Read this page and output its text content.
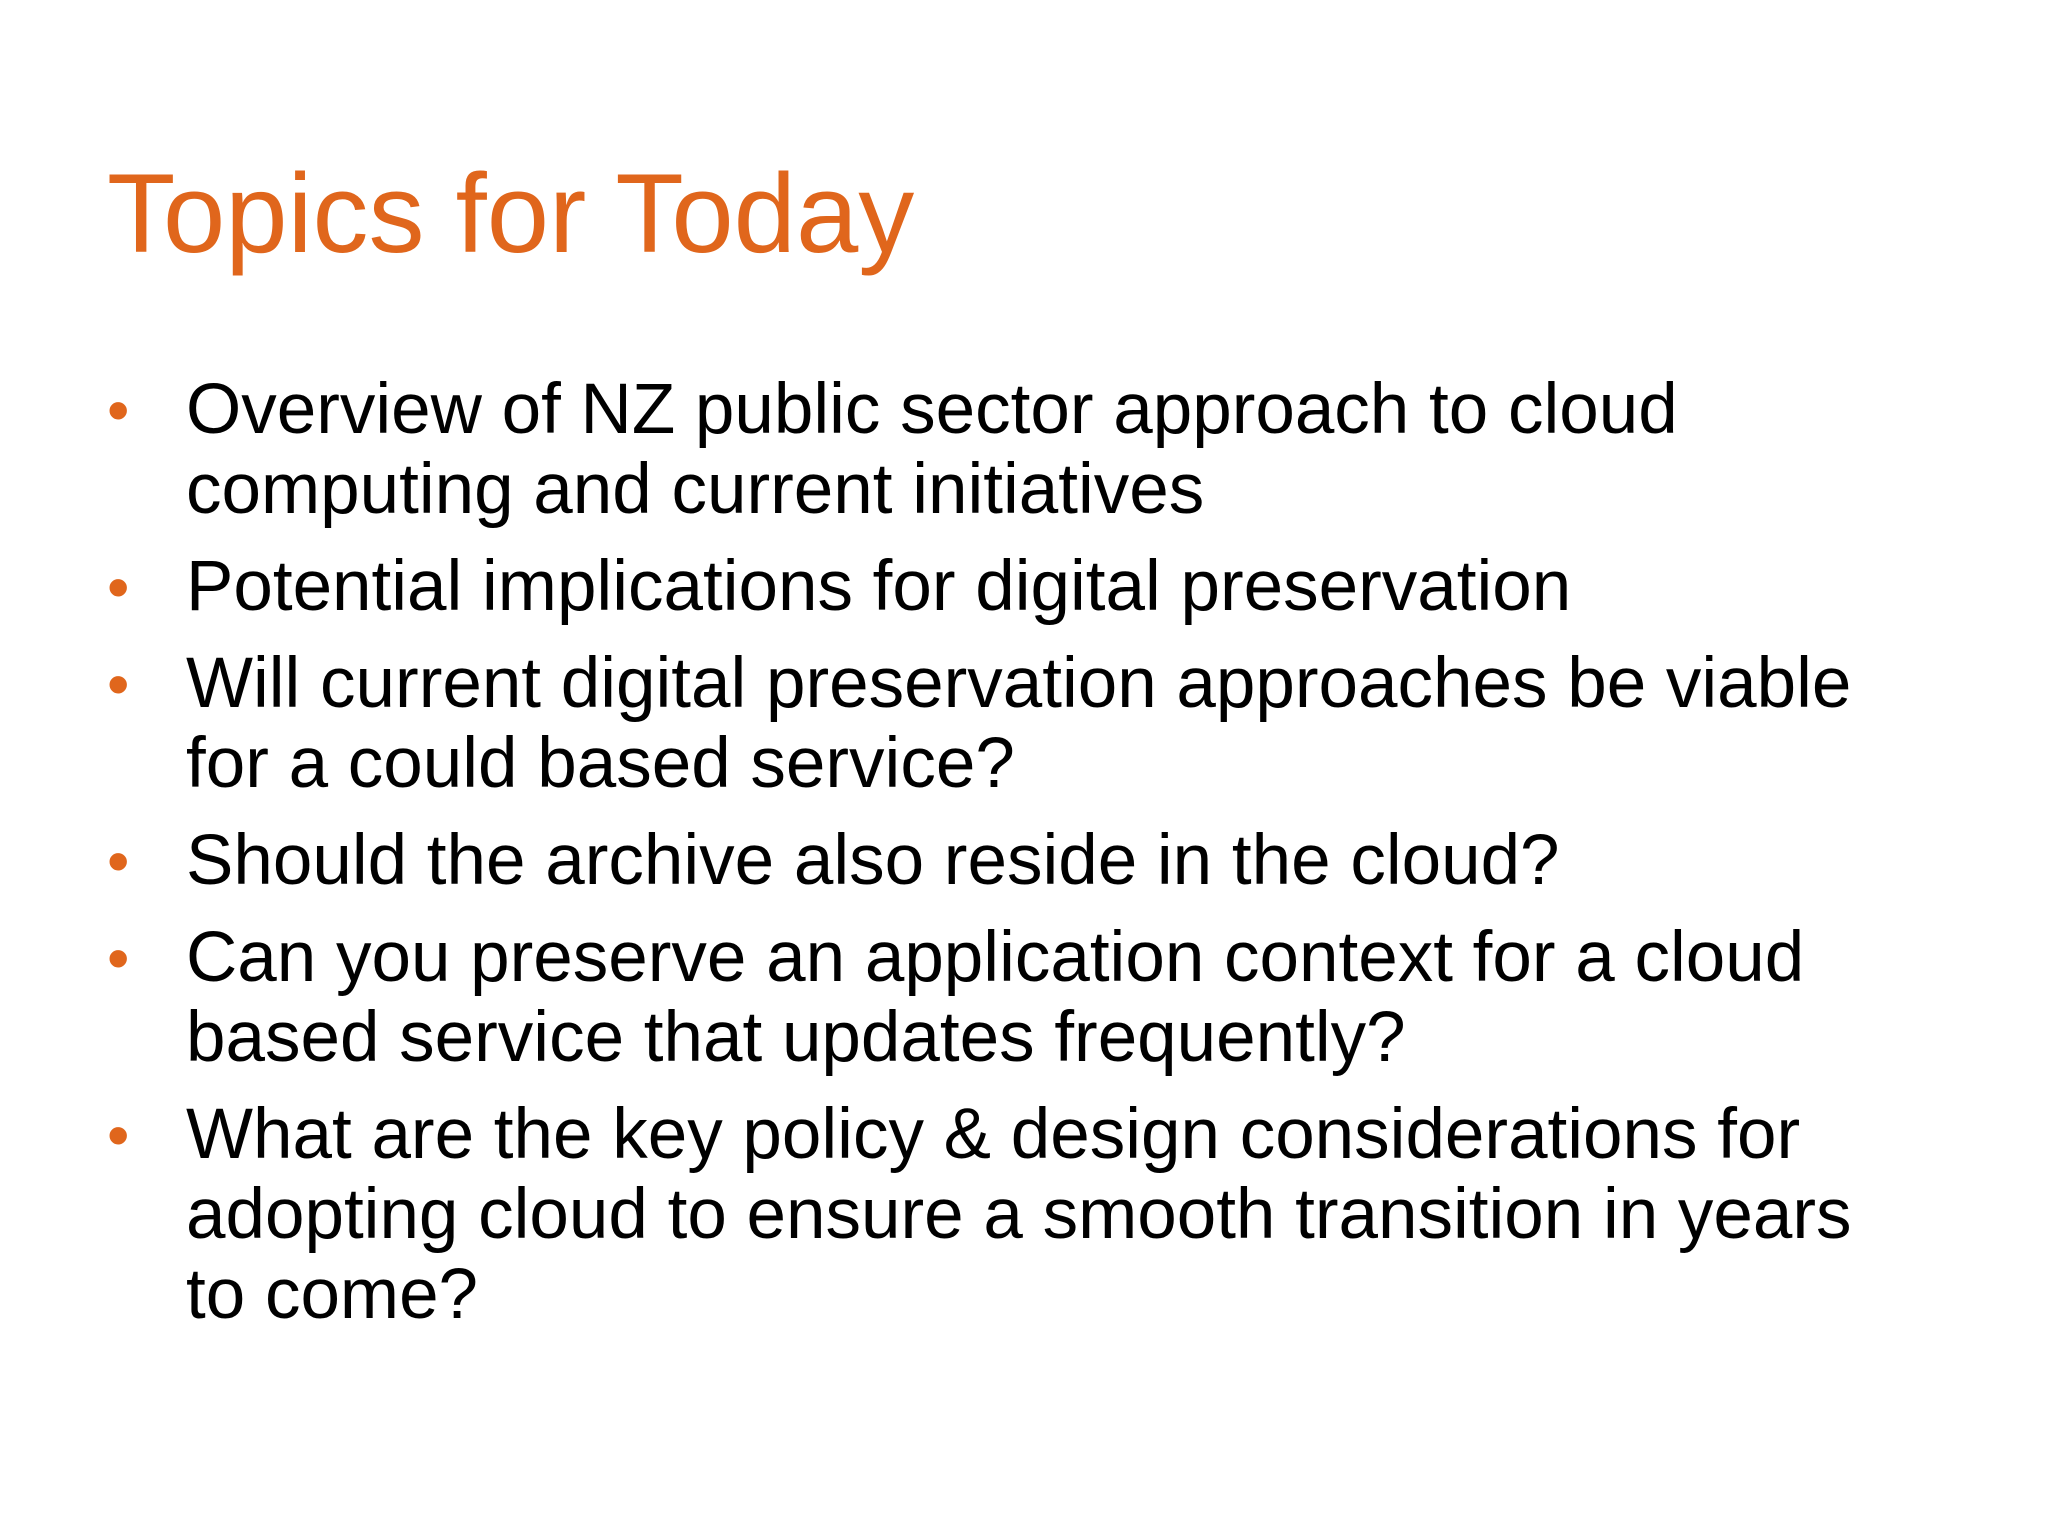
Topics for Today
• Overview of NZ public sector approach to cloud
computing and current initiatives
• Potential implications for digital preservation
• Will current digital preservation approaches be viable
for a could based service?
• Should the archive also reside in the cloud?
• Can you preserve an application context for a cloud
based service that updates frequently?
• What are the key policy & design considerations for
adopting cloud to ensure a smooth transition in years
to come?
